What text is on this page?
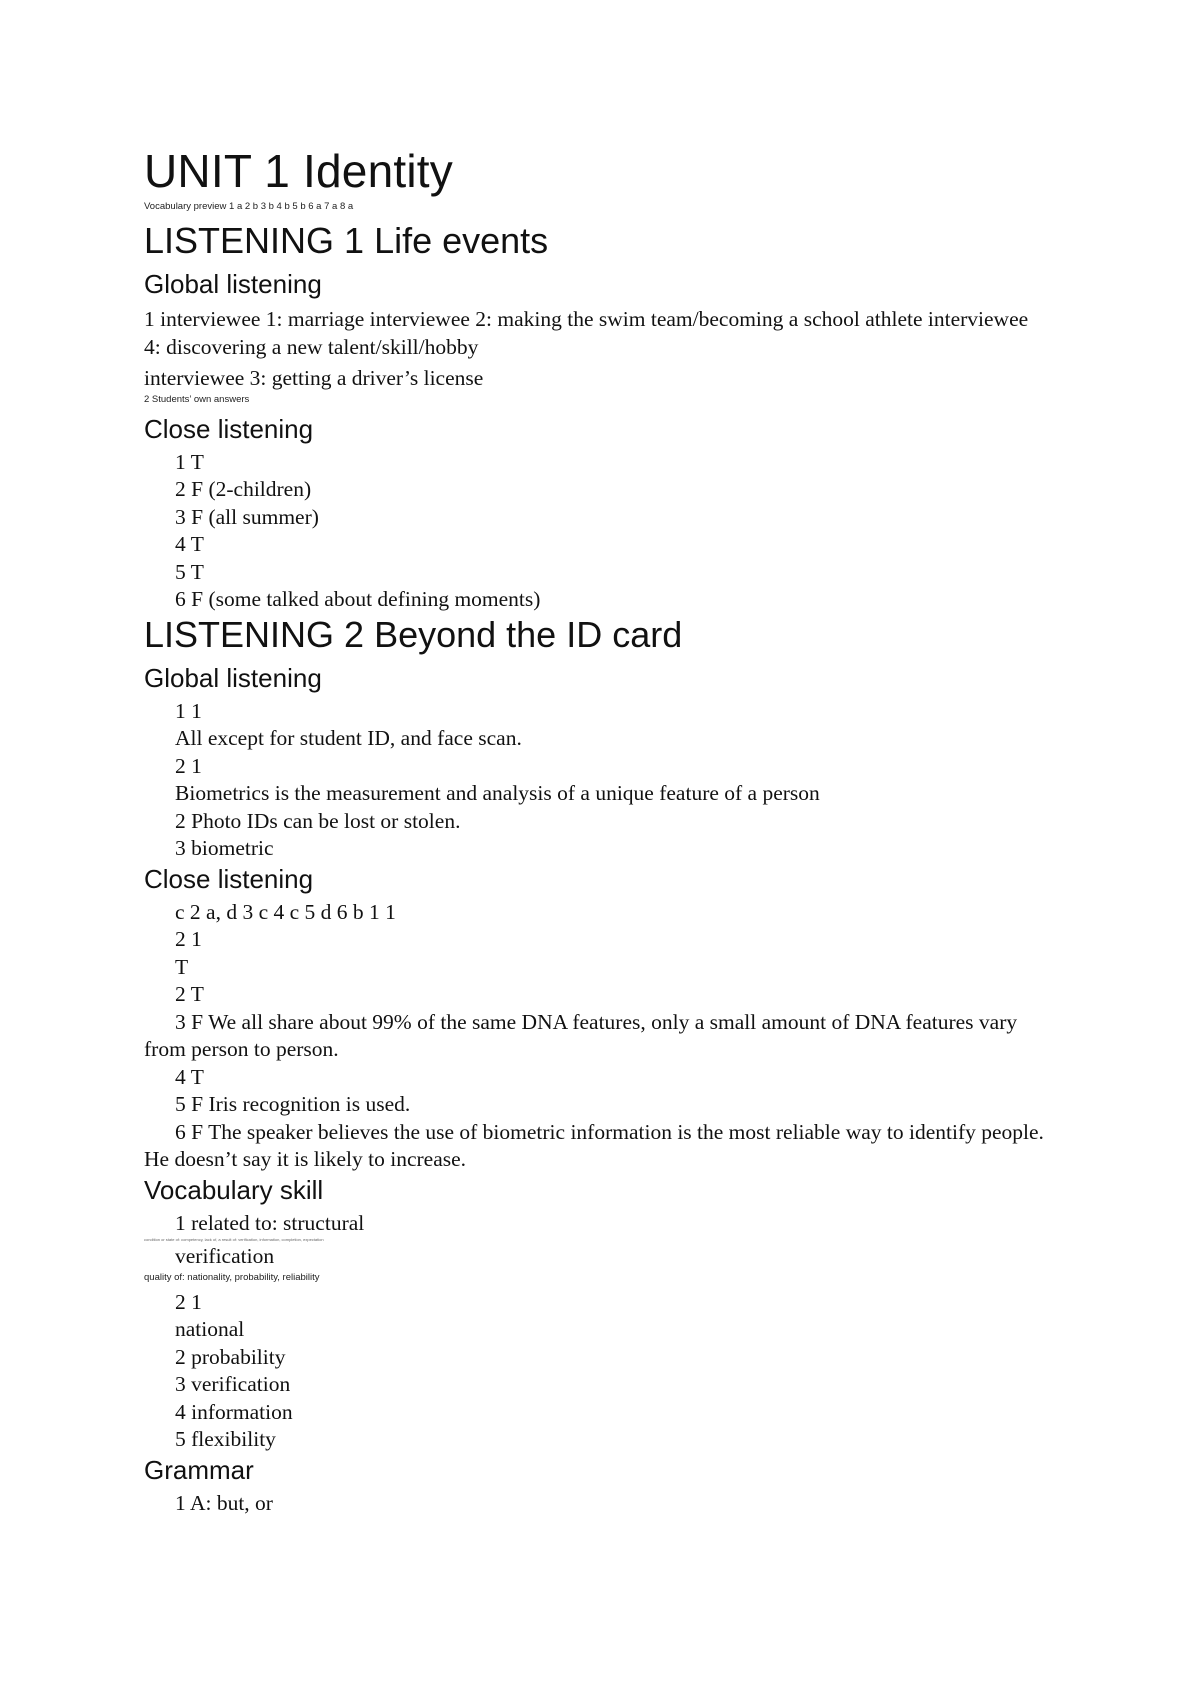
UNIT 1 Identity
Vocabulary preview 1 a 2 b 3 b 4 b 5 b 6 a 7 a 8 a
LISTENING 1 Life events
Global listening
1 interviewee 1: marriage interviewee 2: making the swim team/becoming a school athlete interviewee 4: discovering a new talent/skill/hobby
interviewee 3: getting a driver’s license
2 Students’ own answers
Close listening
1 T
2 F (2-children)
3 F (all summer)
4 T
5 T
6 F (some talked about defining moments)
LISTENING 2 Beyond the ID card
Global listening
1 1
All except for student ID, and face scan.
2 1
Biometrics is the measurement and analysis of a unique feature of a person
2 Photo IDs can be lost or stolen.
3 biometric
Close listening
c 2 a, d 3 c 4 c 5 d 6 b 1 1
2 1
T
2 T
3 F We all share about 99% of the same DNA features, only a small amount of DNA features vary from person to person.
4 T
5 F Iris recognition is used.
6 F The speaker believes the use of biometric information is the most reliable way to identify people. He doesn’t say it is likely to increase.
Vocabulary skill
1 related to: structural
condition or state of: competency, lack of, a result of: verification, information, completion, expectation
verification
quality of: nationality, probability, reliability
2 1
national
2 probability
3 verification
4 information
5 flexibility
Grammar
1 A: but, or
